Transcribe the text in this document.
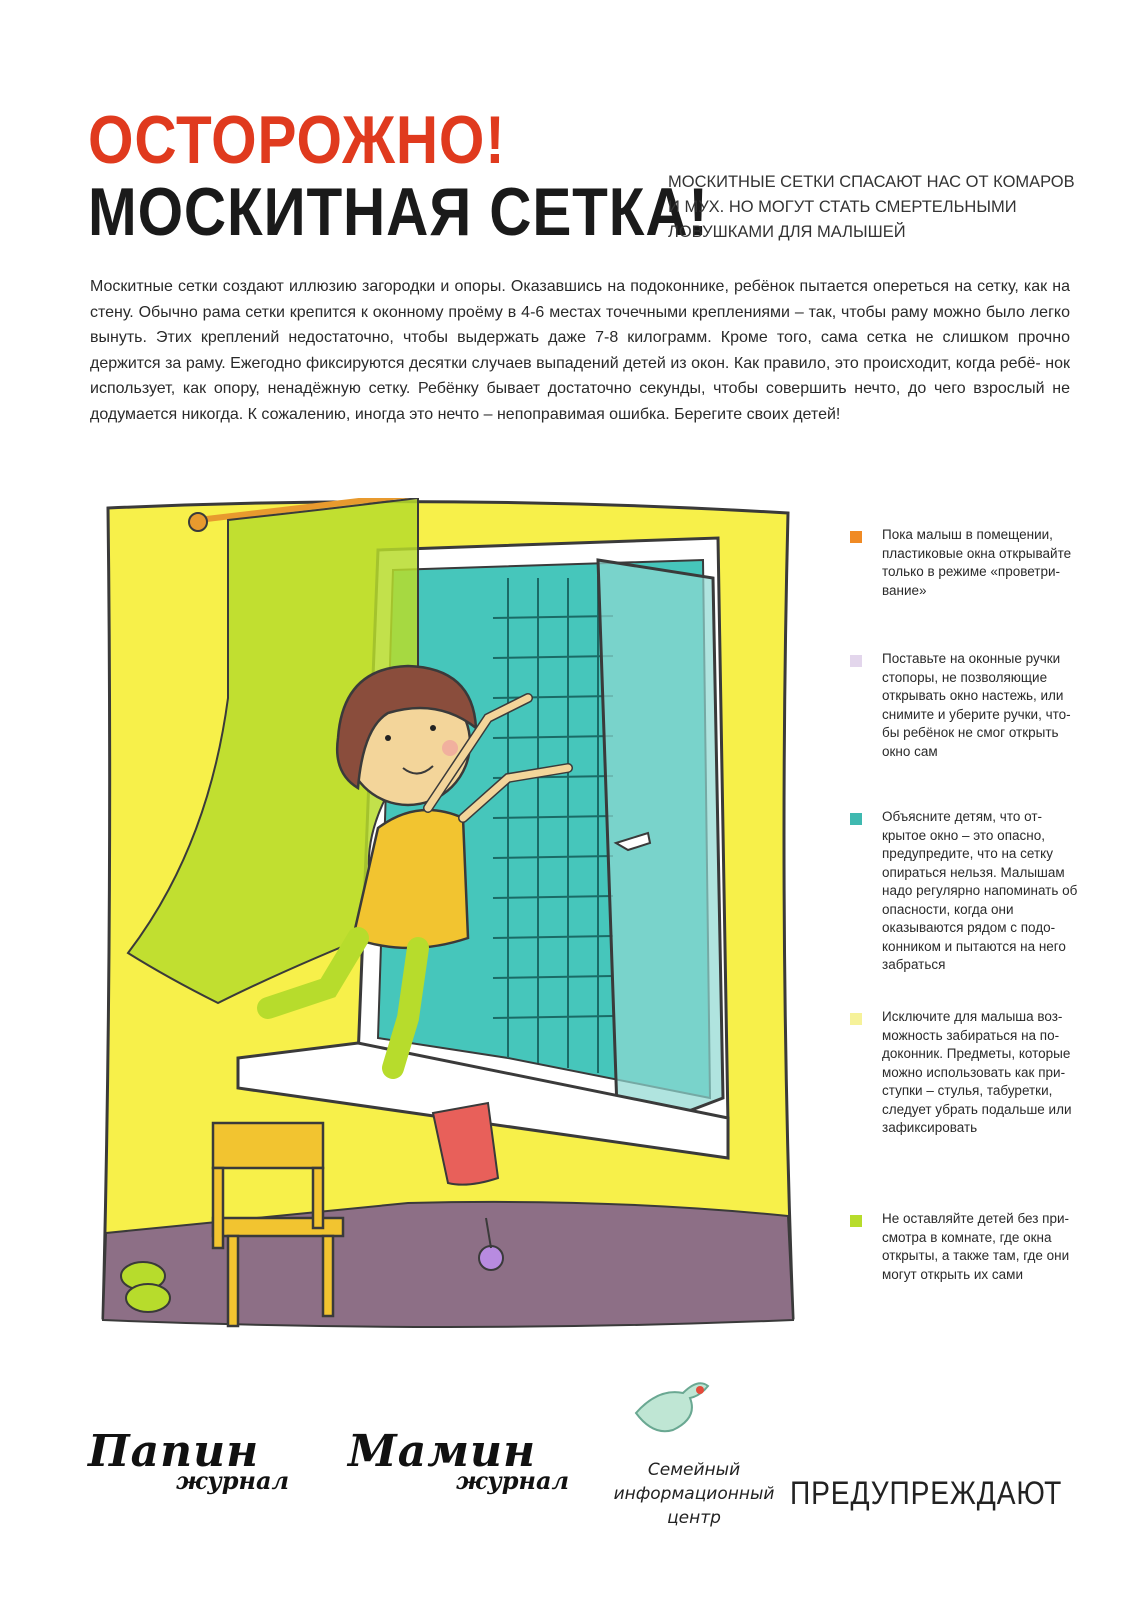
ОСТОРОЖНО!
МОСКИТНАЯ СЕТКА!
МОСКИТНЫЕ СЕТКИ СПАСАЮТ НАС ОТ КОМАРОВ И МУХ. НО МОГУТ СТАТЬ СМЕРТЕЛЬНЫМИ ЛОВУШКАМИ ДЛЯ МАЛЫШЕЙ
Москитные сетки создают иллюзию загородки и опоры. Оказавшись на подоконнике, ребёнок пытается опереться на сетку, как на стену. Обычно рама сетки крепится к оконному проёму в 4-6 местах точечными креплениями – так, чтобы раму можно было легко вынуть. Этих креплений недостаточно, чтобы выдержать даже 7-8 килограмм. Кроме того, сама сетка не слишком прочно держится за раму. Ежегодно фиксируются десятки случаев выпадений детей из окон. Как правило, это происходит, когда ребё- нок использует, как опору, ненадёжную сетку. Ребёнку бывает достаточно секунды, чтобы совершить нечто, до чего взрослый не додумается никогда. К сожалению, иногда это нечто – непоправимая ошибка. Берегите своих детей!
Пока малыш в помещении, пластиковые окна открывайте только в режиме «проветри- вание»
Поставьте на оконные ручки стопоры, не позволяющие открывать окно настежь, или снимите и уберите ручки, что- бы ребёнок не смог открыть окно сам
Объясните детям, что от- крытое окно – это опасно, предупредите, что на сетку опираться нельзя. Малышам надо регулярно напоминать об опасности, когда они оказываются рядом с подо- конником и пытаются на него забраться
Исключите для малыша воз- можность забираться на по- доконник. Предметы, которые можно использовать как при- ступки – стулья, табуретки, следует убрать подальше или зафиксировать
Не оставляйте детей без при- смотра в комнате, где окна открыты, а также там, где они могут открыть их сами
Папин
журнал
Мамин
журнал	Семейный информационный центр
ПРЕДУПРЕЖДАЮТ
